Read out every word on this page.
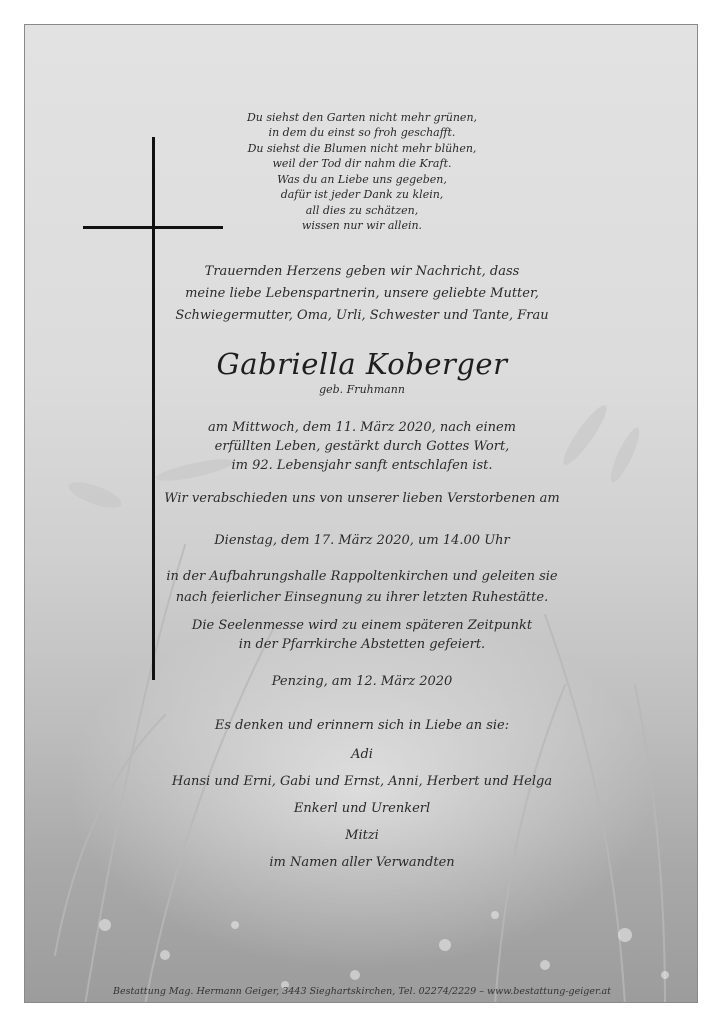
Du siehst den Garten nicht mehr grünen,
in dem du einst so froh geschafft.
Du siehst die Blumen nicht mehr blühen,
weil der Tod dir nahm die Kraft.
Was du an Liebe uns gegeben,
dafür ist jeder Dank zu klein,
all dies zu schätzen,
wissen nur wir allein.
Trauernden Herzens geben wir Nachricht, dass
meine liebe Lebenspartnerin, unsere geliebte Mutter,
Schwiegermutter, Oma, Urli, Schwester und Tante, Frau
Gabriella Koberger
geb. Fruhmann
am Mittwoch, dem 11. März 2020, nach einem
erfüllten Leben, gestärkt durch Gottes Wort,
im 92. Lebensjahr sanft entschlafen ist.
Wir verabschieden uns von unserer lieben Verstorbenen am
Dienstag, dem 17. März 2020, um 14.00 Uhr
in der Aufbahrungshalle Rappoltenkirchen und geleiten sie
nach feierlicher Einsegnung zu ihrer letzten Ruhestätte.
Die Seelenmesse wird zu einem späteren Zeitpunkt
in der Pfarrkirche Abstetten gefeiert.
Penzing, am 12. März 2020
Es denken und erinnern sich in Liebe an sie:
Adi
Hansi und Erni, Gabi und Ernst, Anni, Herbert und Helga
Enkerl und Urenkerl
Mitzi
im Namen aller Verwandten
Bestattung Mag. Hermann Geiger, 3443 Sieghartskirchen, Tel. 02274/2229 – www.bestattung-geiger.at
